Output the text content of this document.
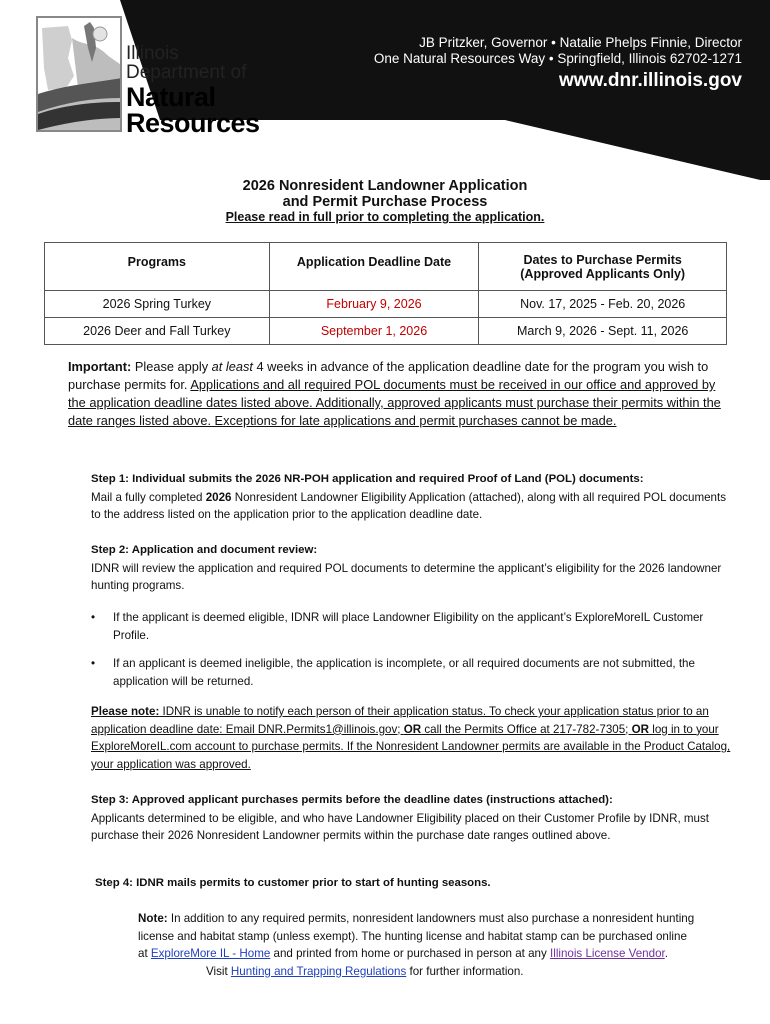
Illinois
Department of
Natural
Resources
JB Pritzker, Governor • Natalie Phelps Finnie, Director
One Natural Resources Way • Springfield, Illinois 62702-1271
www.dnr.illinois.gov
2026 Nonresident Landowner Application
and Permit Purchase Process
Please read in full prior to completing the application.
Programs	Application Deadline Date	Dates to Purchase Permits
(Approved Applicants Only)

2026 Spring Turkey	February 9, 2026	Nov. 17, 2025 - Feb. 20, 2026
2026 Deer and Fall Turkey	September 1, 2026	March 9, 2026 - Sept. 11, 2026

Important: Please apply at least 4 weeks in advance of the application deadline date for the program you wish to purchase permits for. Applications and all required POL documents must be received in our office and approved by the application deadline dates listed above. Additionally, approved applicants must purchase their permits within the date ranges listed above. Exceptions for late applications and permit purchases cannot be made.

Step 1: Individual submits the 2026 NR-POH application and required Proof of Land (POL) documents:
Mail a fully completed 2026 Nonresident Landowner Eligibility Application (attached), along with all required POL documents to the address listed on the application prior to the application deadline date.
Step 2: Application and document review:
IDNR will review the application and required POL documents to determine the applicant’s eligibility for the 2026 landowner hunting programs.
• If the applicant is deemed eligible, IDNR will place Landowner Eligibility on the applicant’s ExploreMoreIL Customer Profile.
• If an applicant is deemed ineligible, the application is incomplete, or all required documents are not submitted, the application will be returned.

Please note: IDNR is unable to notify each person of their application status. To check your application status prior to an application deadline date: Email DNR.Permits1@illinois.gov; OR call the Permits Office at 217-782-7305; OR log in to your ExploreMoreIL.com account to purchase permits. If the Nonresident Landowner permits are available in the Product Catalog, your application was approved.

Step 3: Approved applicant purchases permits before the deadline dates (instructions attached):
Applicants determined to be eligible, and who have Landowner Eligibility placed on their Customer Profile by IDNR, must purchase their 2026 Nonresident Landowner permits within the purchase date ranges outlined above.
Step 4: IDNR mails permits to customer prior to start of hunting seasons.
Note: In addition to any required permits, nonresident landowners must also purchase a nonresident hunting license and habitat stamp (unless exempt). The hunting license and habitat stamp can be purchased online at ExploreMore IL - Home and printed from home or purchased in person at any Illinois License Vendor.
Visit Hunting and Trapping Regulations for further information.
